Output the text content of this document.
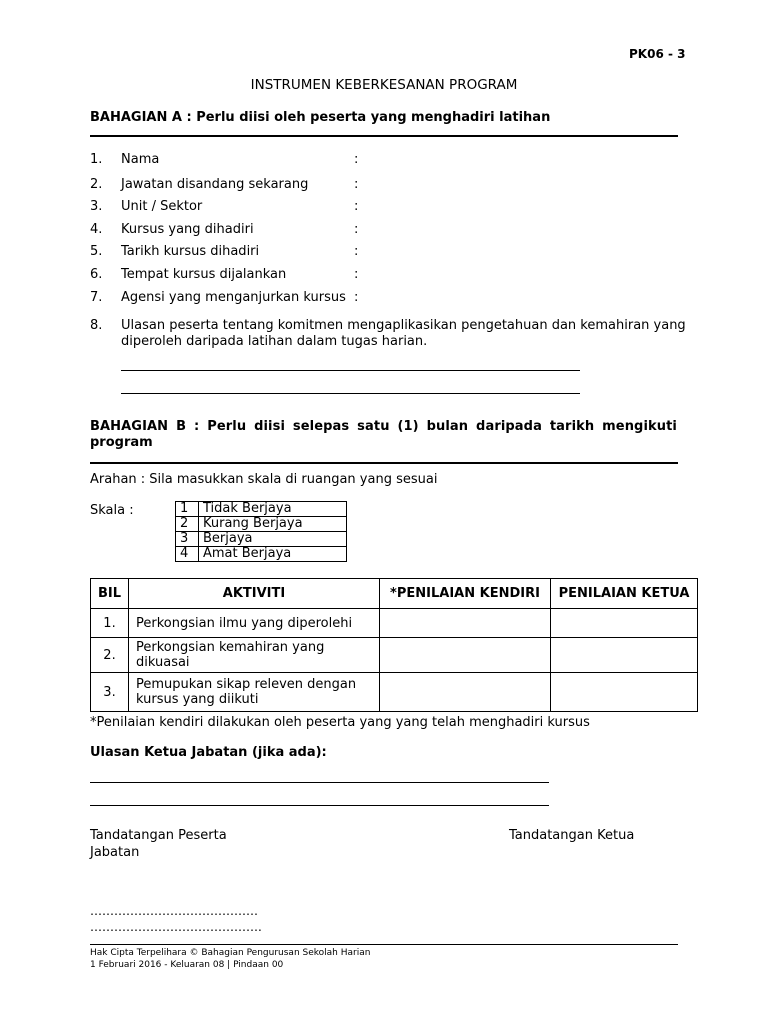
PK06 - 3
INSTRUMEN KEBERKESANAN PROGRAM
BAHAGIAN A : Perlu diisi oleh peserta yang menghadiri latihan
1. Nama	:
2. Jawatan disandang sekarang	:
3. Unit / Sektor	:
4. Kursus yang dihadiri	:
5. Tarikh kursus dihadiri	:
6. Tempat kursus dijalankan	:
7. Agensi yang menganjurkan kursus :
8. Ulasan peserta tentang komitmen mengaplikasikan pengetahuan dan kemahiran yang
diperoleh daripada latihan dalam tugas harian.
BAHAGIAN B : Perlu diisi selepas satu (1) bulan daripada tarikh mengikuti
program
Arahan : Sila masukkan skala di ruangan yang sesuai
Skala :	1	Tidak Berjaya
2	Kurang Berjaya
3	Berjaya
4	Amat Berjaya
BIL	AKTIVITI	*PENILAIAN KENDIRI	PENILAIAN KETUA
1.	Perkongsian ilmu yang diperolehi		

2.	Perkongsian kemahiran yang
dikuasai		

3.	Pemupukan sikap releven dengan
kursus yang diikuti		

*Penilaian kendiri dilakukan oleh peserta yang yang telah menghadiri kursus
Ulasan Ketua Jabatan (jika ada):
Tandatangan Peserta	Tandatangan Ketua
Jabatan
……………………………………
…………………………………….
Hak Cipta Terpelihara © Bahagian Pengurusan Sekolah Harian
1 Februari 2016 - Keluaran 08 | Pindaan 00
